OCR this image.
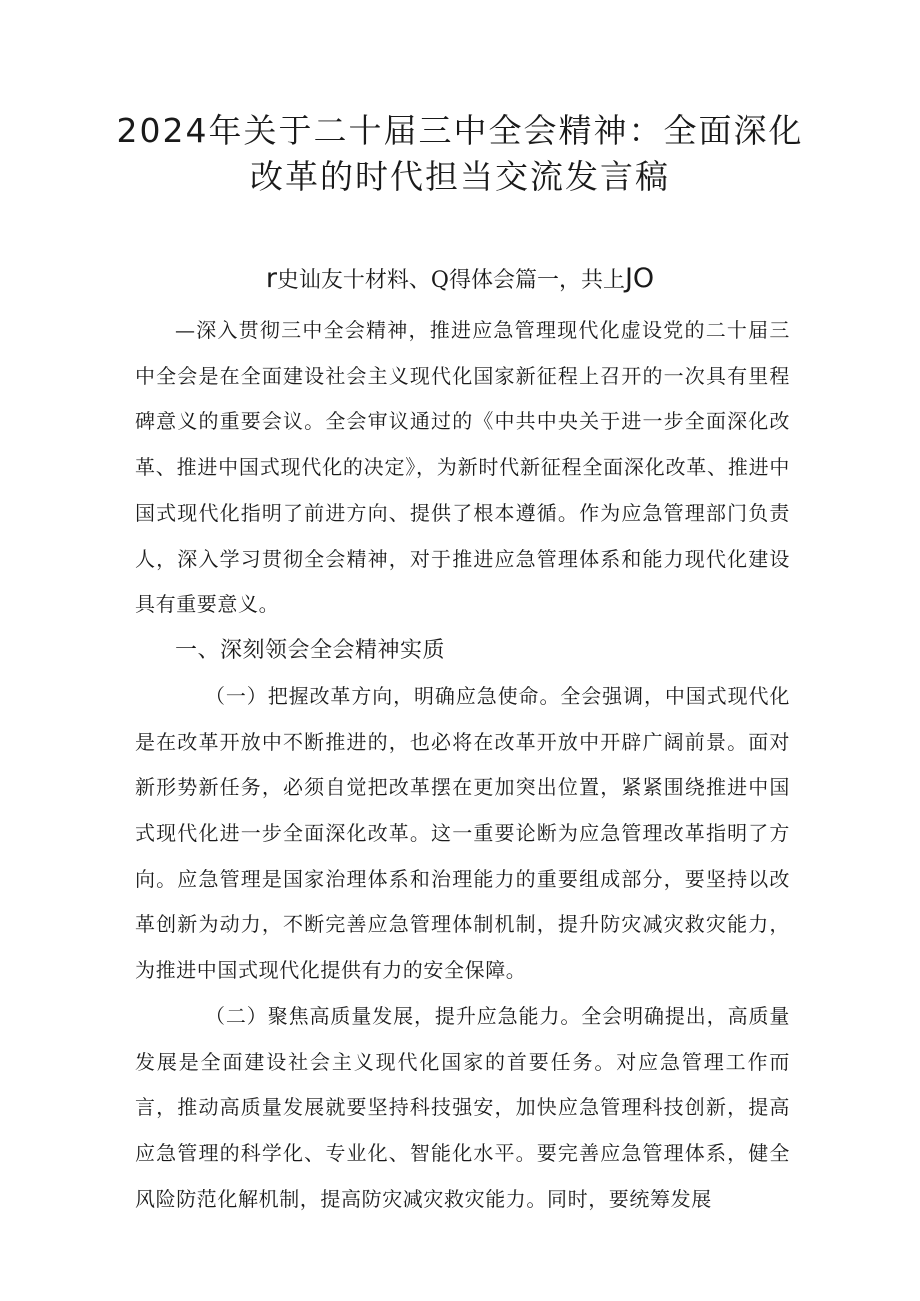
2024年关于二十届三中全会精神：全面深化
改革的时代担当交流发言稿
r史讪友十材料、Q得体会篇一，共上JO

—深入贯彻三中全会精神，推进应急管理现代化虚设党的二十届三中全会是在全面建设社会主义现代化国家新征程上召开的一次具有里程碑意义的重要会议。全会审议通过的《中共中央关于进一步全面深化改革、推进中国式现代化的决定》，为新时代新征程全面深化改革、推进中国式现代化指明了前进方向、提供了根本遵循。作为应急管理部门负责人，深入学习贯彻全会精神，对于推进应急管理体系和能力现代化建设具有重要意义。

一、深刻领会全会精神实质

（一）把握改革方向，明确应急使命。全会强调，中国式现代化是在改革开放中不断推进的，也必将在改革开放中开辟广阔前景。面对新形势新任务，必须自觉把改革摆在更加突出位置，紧紧围绕推进中国式现代化进一步全面深化改革。这一重要论断为应急管理改革指明了方向。应急管理是国家治理体系和治理能力的重要组成部分，要坚持以改革创新为动力，不断完善应急管理体制机制，提升防灾减灾救灾能力，为推进中国式现代化提供有力的安全保障。

（二）聚焦高质量发展，提升应急能力。全会明确提出，高质量发展是全面建设社会主义现代化国家的首要任务。对应急管理工作而言，推动高质量发展就要坚持科技强安，加快应急管理科技创新，提高应急管理的科学化、专业化、智能化水平。要完善应急管理体系，健全风险防范化解机制，提高防灾减灾救灾能力。同时，要统筹发展
